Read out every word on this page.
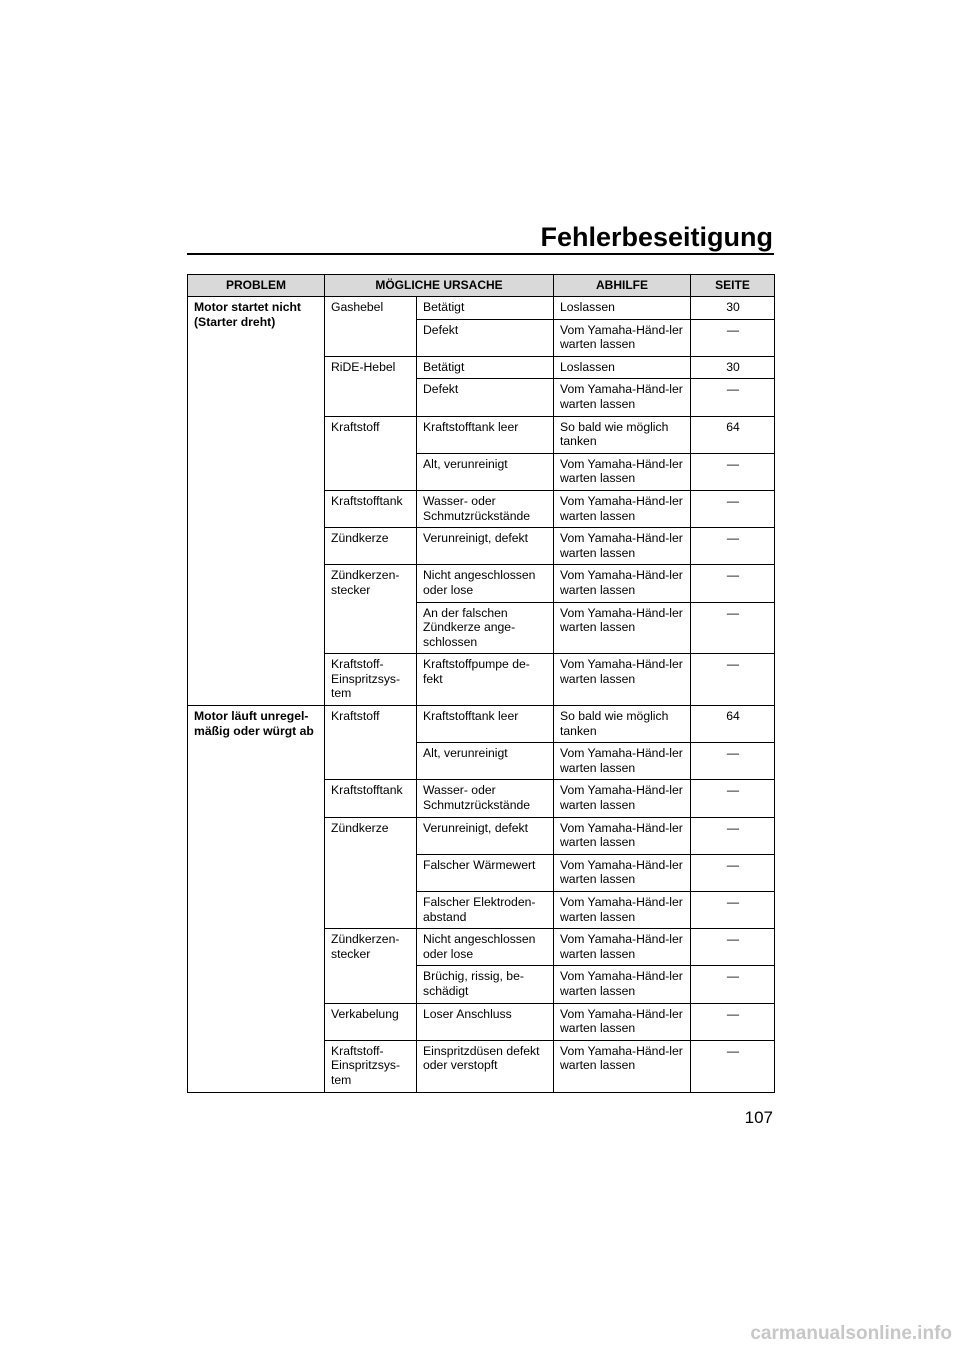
Fehlerbeseitigung
PROBLEM	MÖGLICHE URSACHE		ABHILFE	SEITE
Motor startet nicht (Starter dreht)	Gashebel	Betätigt	Loslassen	30
		Defekt	Vom Yamaha-Händ-ler warten lassen	—
	RiDE-Hebel	Betätigt	Loslassen	30
		Defekt	Vom Yamaha-Händ-ler warten lassen	—
	Kraftstoff	Kraftstofftank leer	So bald wie möglich tanken	64
		Alt, verunreinigt	Vom Yamaha-Händ-ler warten lassen	—
	Kraftstofftank	Wasser- oder Schmutzrückstände	Vom Yamaha-Händ-ler warten lassen	—
	Zündkerze	Verunreinigt, defekt	Vom Yamaha-Händ-ler warten lassen	—
	Zündkerzen-stecker	Nicht angeschlossen oder lose	Vom Yamaha-Händ-ler warten lassen	—
		An der falschen Zündkerze ange-schlossen	Vom Yamaha-Händ-ler warten lassen	—
	Kraftstoff-Einspritzsys-tem	Kraftstoffpumpe de-fekt	Vom Yamaha-Händ-ler warten lassen	—
Motor läuft unregel-mäßig oder würgt ab	Kraftstoff	Kraftstofftank leer	So bald wie möglich tanken	64
		Alt, verunreinigt	Vom Yamaha-Händ-ler warten lassen	—
	Kraftstofftank	Wasser- oder Schmutzrückstände	Vom Yamaha-Händ-ler warten lassen	—
	Zündkerze	Verunreinigt, defekt	Vom Yamaha-Händ-ler warten lassen	—
		Falscher Wärmewert	Vom Yamaha-Händ-ler warten lassen	—
		Falscher Elektroden-abstand	Vom Yamaha-Händ-ler warten lassen	—
	Zündkerzen-stecker	Nicht angeschlossen oder lose	Vom Yamaha-Händ-ler warten lassen	—
		Brüchig, rissig, be-schädigt	Vom Yamaha-Händ-ler warten lassen	—
	Verkabelung	Loser Anschluss	Vom Yamaha-Händ-ler warten lassen	—
	Kraftstoff-Einspritzsys-tem	Einspritzdüsen defekt oder verstopft	Vom Yamaha-Händ-ler warten lassen	—
107
carmanualsonline.info
